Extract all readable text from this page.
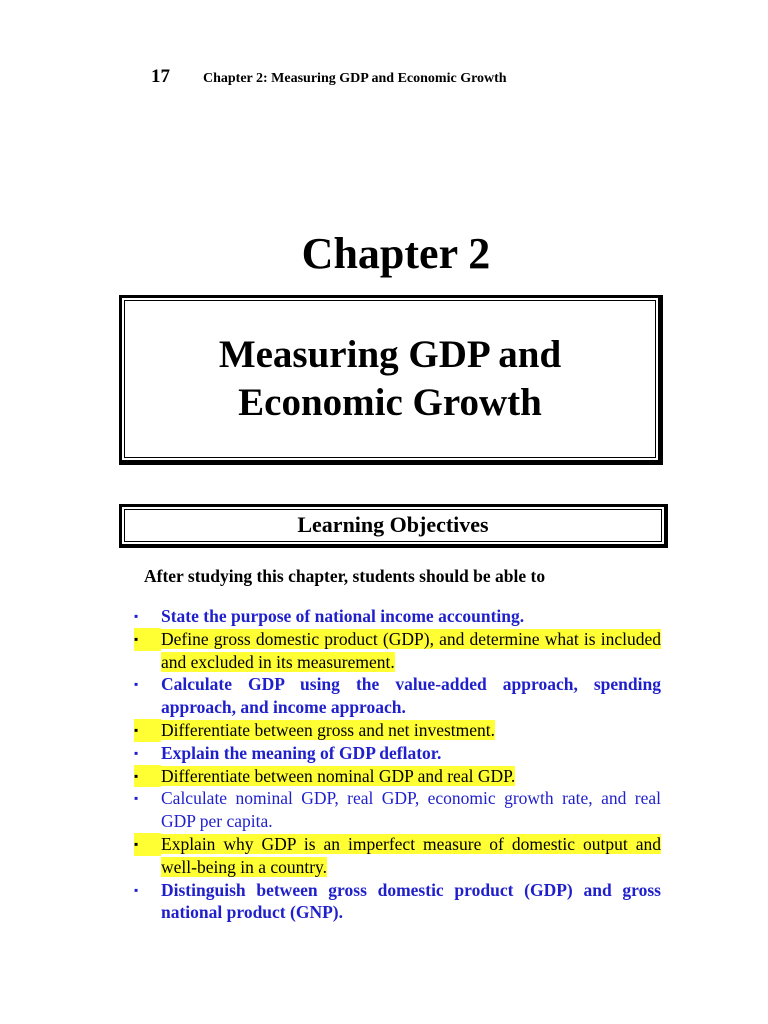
17	Chapter 2: Measuring GDP and Economic Growth
Chapter 2
Measuring GDP and Economic Growth
Learning Objectives
After studying this chapter, students should be able to
▪ State the purpose of national income accounting.
▪	Define gross domestic product (GDP), and determine what is included and excluded in its measurement.
▪ Calculate GDP using the value-added approach, spending approach, and income approach.
▪	Differentiate between gross and net investment.
▪ Explain the meaning of GDP deflator.
▪	Differentiate between nominal GDP and real GDP.
▪ Calculate nominal GDP, real GDP, economic growth rate, and real GDP per capita.
▪	Explain why GDP is an imperfect measure of domestic output and well-being in a country.
▪ Distinguish between gross domestic product (GDP) and gross national product (GNP).
